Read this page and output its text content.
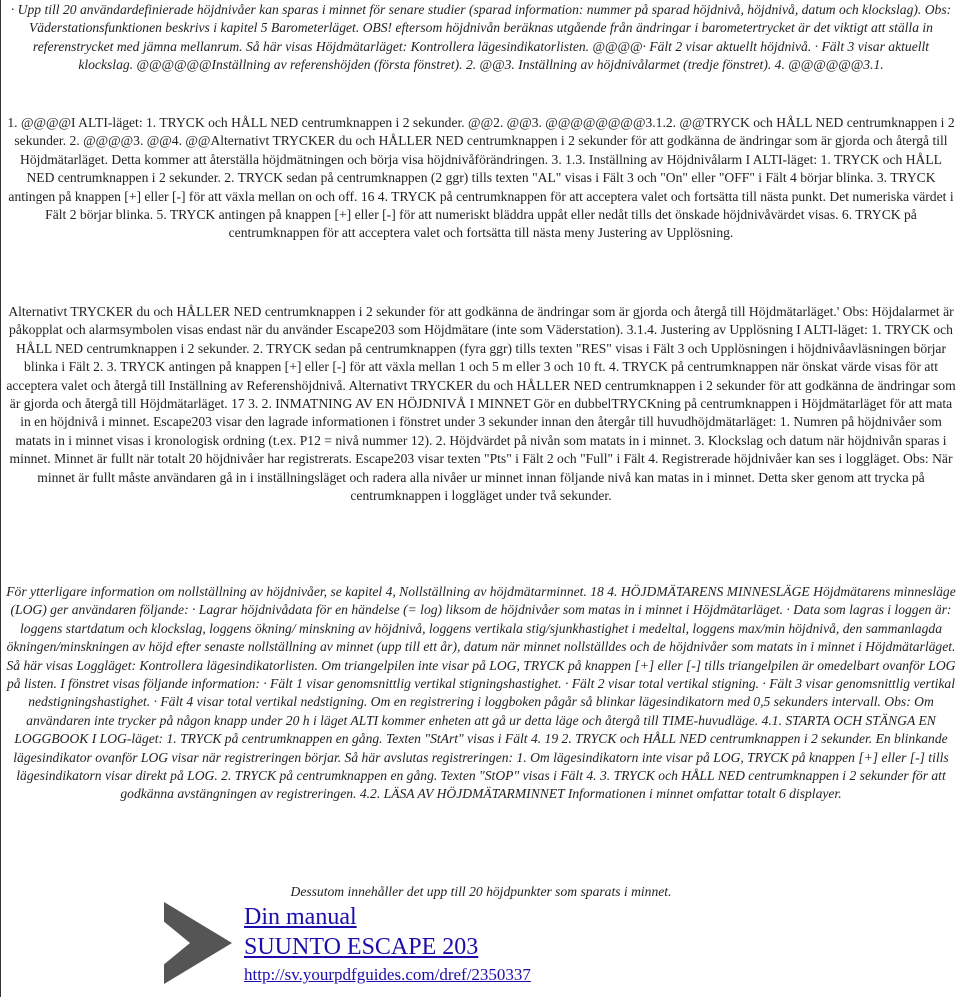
· Upp till 20 användardefinierade höjdnivåer kan sparas i minnet för senare studier (sparad information: nummer på sparad höjdnivå, höjdnivå, datum och klockslag). Obs: Väderstationsfunktionen beskrivs i kapitel 5 Barometerläget. OBS! eftersom höjdnivån beräknas utgående från ändringar i barometertrycket är det viktigt att ställa in referenstrycket med jämna mellanrum. Så här visas Höjdmätarläget: Kontrollera lägesindikatorlisten. @@@@· Fält 2 visar aktuellt höjdnivå. · Fält 3 visar aktuellt klockslag. @@@@@@Inställning av referenshöjden (första fönstret). 2. @@3. Inställning av höjdnivålarmet (tredje fönstret). 4. @@@@@@3.1.

1. @@@@I ALTI-läget: 1. TRYCK och HÅLL NED centrumknappen i 2 sekunder. @@2. @@3. @@@@@@@@3.1.2. @@TRYCK och HÅLL NED centrumknappen i 2 sekunder. 2. @@@@3. @@4. @@Alternativt TRYCKER du och HÅLLER NED centrumknappen i 2 sekunder för att godkänna de ändringar som är gjorda och återgå till Höjdmätarläget. Detta kommer att återställa höjdmätningen och börja visa höjdnivåförändringen. 3. 1.3. Inställning av Höjdnivålarm I ALTI-läget: 1. TRYCK och HÅLL NED centrumknappen i 2 sekunder. 2. TRYCK sedan på centrumknappen (2 ggr) tills texten "AL" visas i Fält 3 och "On" eller "OFF" i Fält 4 börjar blinka. 3. TRYCK antingen på knappen [+] eller [-] för att växla mellan on och off. 16 4. TRYCK på centrumknappen för att acceptera valet och fortsätta till nästa punkt. Det numeriska värdet i Fält 2 börjar blinka. 5. TRYCK antingen på knappen [+] eller [-] för att numeriskt bläddra uppåt eller nedåt tills det önskade höjdnivåvärdet visas. 6. TRYCK på centrumknappen för att acceptera valet och fortsätta till nästa meny Justering av Upplösning.

Alternativt TRYCKER du och HÅLLER NED centrumknappen i 2 sekunder för att godkänna de ändringar som är gjorda och återgå till Höjdmätarläget.' Obs: Höjdalarmet är påkopplat och alarmsymbolen visas endast när du använder Escape203 som Höjdmätare (inte som Väderstation). 3.1.4. Justering av Upplösning I ALTI-läget: 1. TRYCK och HÅLL NED centrumknappen i 2 sekunder. 2. TRYCK sedan på centrumknappen (fyra ggr) tills texten "RES" visas i Fält 3 och Upplösningen i höjdnivåavläsningen börjar blinka i Fält 2. 3. TRYCK antingen på knappen [+] eller [-] för att växla mellan 1 och 5 m eller 3 och 10 ft. 4. TRYCK på centrumknappen när önskat värde visas för att acceptera valet och återgå till Inställning av Referenshöjdnivå. Alternativt TRYCKER du och HÅLLER NED centrumknappen i 2 sekunder för att godkänna de ändringar som är gjorda och återgå till Höjdmätarläget. 17 3. 2. INMATNING AV EN HÖJDNIVÅ I MINNET Gör en dubbelTRYCKning på centrumknappen i Höjdmätarläget för att mata in en höjdnivå i minnet. Escape203 visar den lagrade informationen i fönstret under 3 sekunder innan den återgår till huvudhöjdmätarläget: 1. Numren på höjdnivåer som matats in i minnet visas i kronologisk ordning (t.ex. P12 = nivå nummer 12). 2. Höjdvärdet på nivån som matats in i minnet. 3. Klockslag och datum när höjdnivån sparas i minnet. Minnet är fullt när totalt 20 höjdnivåer har registrerats. Escape203 visar texten "Pts" i Fält 2 och "Full" i Fält 4. Registrerade höjdnivåer kan ses i loggläget. Obs: När minnet är fullt måste användaren gå in i inställningsläget och radera alla nivåer ur minnet innan följande nivå kan matas in i minnet. Detta sker genom att trycka på centrumknappen i loggläget under två sekunder.

För ytterligare information om nollställning av höjdnivåer, se kapitel 4, Nollställning av höjdmätarminnet. 18 4. HÖJDMÄTARENS MINNESLÄGE Höjdmätarens minnesläge (LOG) ger användaren följande: · Lagrar höjdnivådata för en händelse (= log) liksom de höjdnivåer som matas in i minnet i Höjdmätarläget. · Data som lagras i loggen är: loggens startdatum och klockslag, loggens ökning/ minskning av höjdnivå, loggens vertikala stig/sjunkhastighet i medeltal, loggens max/min höjdnivå, den sammanlagda ökningen/minskningen av höjd efter senaste nollställning av minnet (upp till ett år), datum när minnet nollställdes och de höjdnivåer som matats in i minnet i Höjdmätarläget. Så här visas Loggläget: Kontrollera lägesindikatorlisten. Om triangelpilen inte visar på LOG, TRYCK på knappen [+] eller [-] tills triangelpilen är omedelbart ovanför LOG på listen. I fönstret visas följande information: · Fält 1 visar genomsnittlig vertikal stigningshastighet. · Fält 2 visar total vertikal stigning. · Fält 3 visar genomsnittlig vertikal nedstigningshastighet. · Fält 4 visar total vertikal nedstigning. Om en registrering i loggboken pågår så blinkar lägesindikatorn med 0,5 sekunders intervall. Obs: Om användaren inte trycker på någon knapp under 20 h i läget ALTI kommer enheten att gå ur detta läge och återgå till TIME-huvudläge. 4.1. STARTA OCH STÄNGA EN LOGGBOOK I LOG-läget: 1. TRYCK på centrumknappen en gång. Texten "StArt" visas i Fält 4. 19 2. TRYCK och HÅLL NED centrumknappen i 2 sekunder. En blinkande lägesindikator ovanför LOG visar när registreringen börjar. Så här avslutas registreringen: 1. Om lägesindikatorn inte visar på LOG, TRYCK på knappen [+] eller [-] tills lägesindikatorn visar direkt på LOG. 2. TRYCK på centrumknappen en gång. Texten "StOP" visas i Fält 4. 3. TRYCK och HÅLL NED centrumknappen i 2 sekunder för att godkänna avstängningen av registreringen. 4.2. LÄSA AV HÖJDMÄTARMINNET Informationen i minnet omfattar totalt 6 displayer.

Dessutom innehåller det upp till 20 höjdpunkter som sparats i minnet.

Din manual
SUUNTO ESCAPE 203
http://sv.yourpdfguides.com/dref/2350337
